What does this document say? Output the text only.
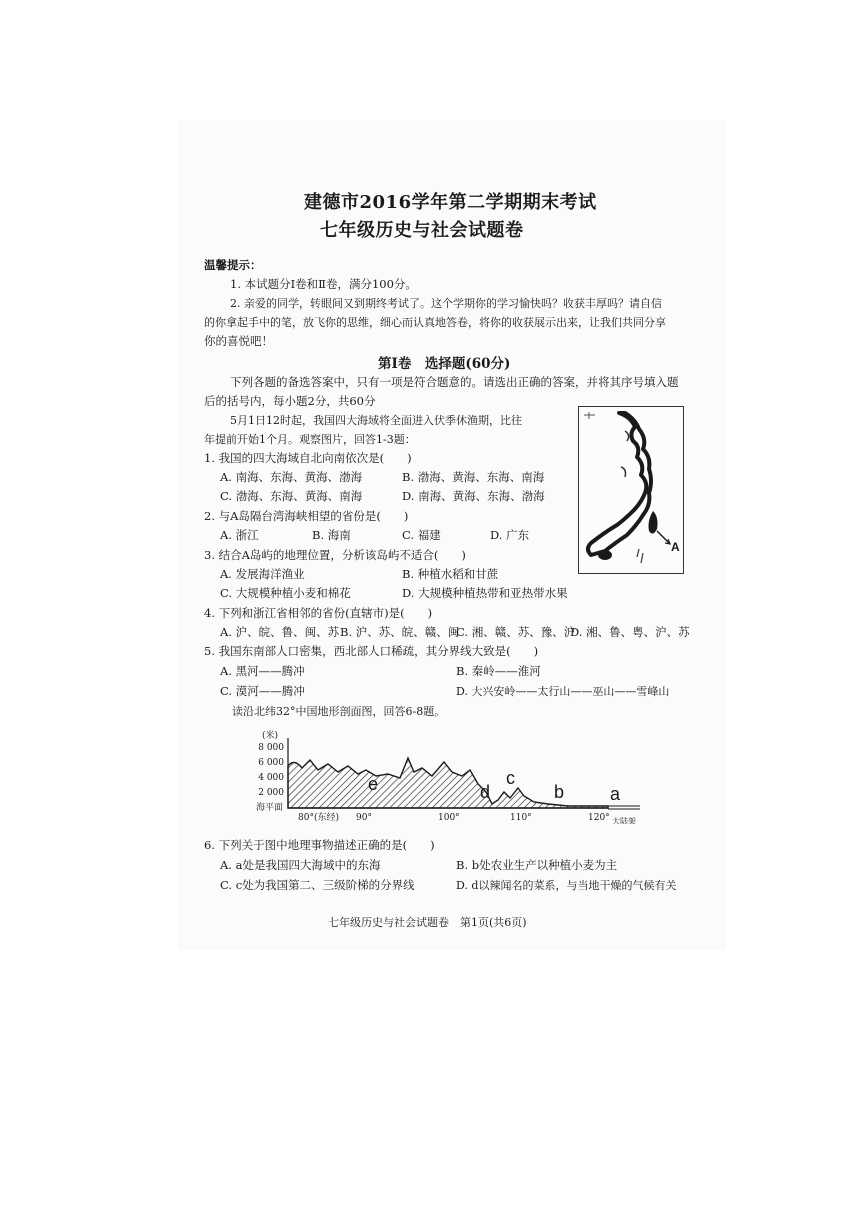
建德市2016学年第二学期期末考试
七年级历史与社会试题卷
温馨提示：
1. 本试题分Ⅰ卷和Ⅱ卷，满分100分。
2. 亲爱的同学，转眼间又到期终考试了。这个学期你的学习愉快吗？收获丰厚吗？请自信
的你拿起手中的笔，放飞你的思维，细心而认真地答卷，将你的收获展示出来，让我们共同分享
你的喜悦吧！
第Ⅰ卷　选择题(60分)
下列各题的备选答案中，只有一项是符合题意的。请选出正确的答案，并将其序号填入题
后的括号内，每小题2分，共60分
5月1日12时起，我国四大海域将全面进入伏季休渔期，比往
年提前开始1个月。观察图片，回答1-3题：
1. 我国的四大海域自北向南依次是(　　)
A. 南海、东海、黄海、渤海	B. 渤海、黄海、东海、南海
C. 渤海、东海、黄海、南海	D. 南海、黄海、东海、渤海
2. 与A岛隔台湾海峡相望的省份是(　　)
A. 浙江	B. 海南	C. 福建	D. 广东
3. 结合A岛屿的地理位置，分析该岛屿不适合(　　)
A. 发展海洋渔业	B. 种植水稻和甘蔗
C. 大规模种植小麦和棉花	D. 大规模种植热带和亚热带水果
4. 下列和浙江省相邻的省份(直辖市)是(　　)
A. 沪、皖、鲁、闽、苏 B. 沪、苏、皖、赣、闽
C. 湘、赣、苏、豫、沪
D. 湘、鲁、粤、沪、苏
5. 我国东南部人口密集，西北部人口稀疏，其分界线大致是(　　)
A. 黑河——腾冲	B. 秦岭——淮河
C. 漠河——腾冲	D. 大兴安岭——太行山——巫山——雪峰山
读沿北纬32°中国地形剖面图，回答6-8题。
A
(米)
8 000
6 000
4 000
2 000
海平面
e	d
c
b	a
80°(东经) 90°	100°	110°	120° 大陆架
6. 下列关于图中地理事物描述正确的是(　　)
A. a处是我国四大海域中的东海	B. b处农业生产以种植小麦为主
C. c处为我国第二、三级阶梯的分界线	D. d以辣闻名的菜系，与当地干燥的气候有关
七年级历史与社会试题卷　第1页(共6页)
